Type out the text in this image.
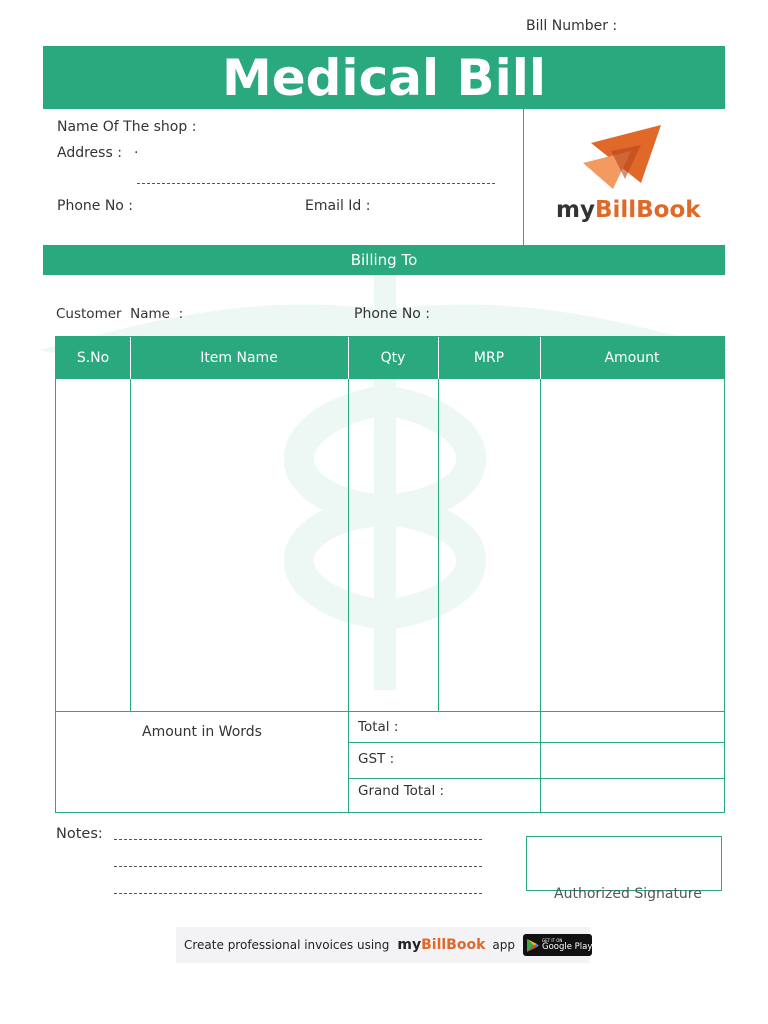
Bill Number :
Medical Bill
Name Of The shop :
Address : ·
Phone No :	Email Id :	myBillBook
Billing To
Customer  Name  :	Phone No :
S.No	Item Name	Qty	MRP	Amount
Amount in Words	Total :
GST :
Grand Total :
Notes:
Authorized Signature
Create professional invoices using my BillBook app	GET IT ON
Google Play
